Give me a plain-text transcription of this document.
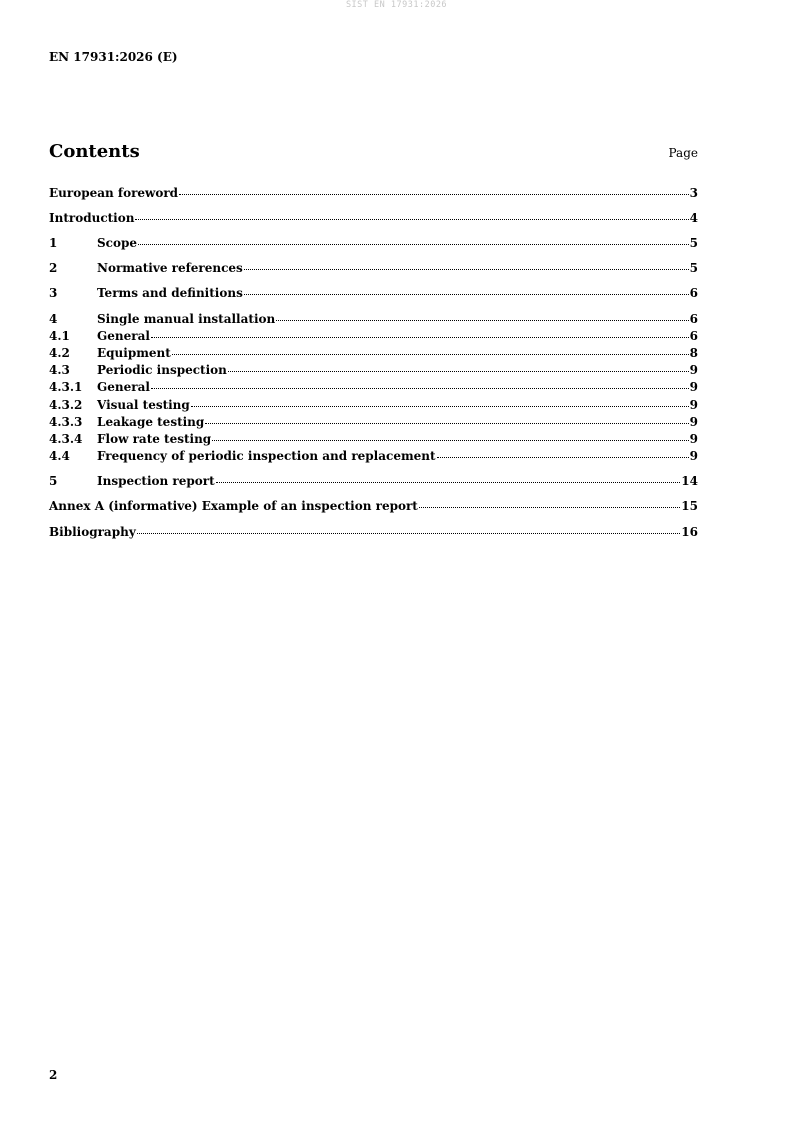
SIST EN 17931:2026
EN 17931:2026 (E)
Contents	Page
European foreword	3
Introduction	4
1	Scope	5
2	Normative references	5
3	Terms and definitions	6
4	Single manual installation	6
4.1	General	6
4.2	Equipment	8
4.3	Periodic inspection	9
4.3.1	General	9
4.3.2	Visual testing	9
4.3.3	Leakage testing	9
4.3.4	Flow rate testing	9
4.4	Frequency of periodic inspection and replacement	9
5	Inspection report	14
Annex A (informative) Example of an inspection report	15
Bibliography	16
2
